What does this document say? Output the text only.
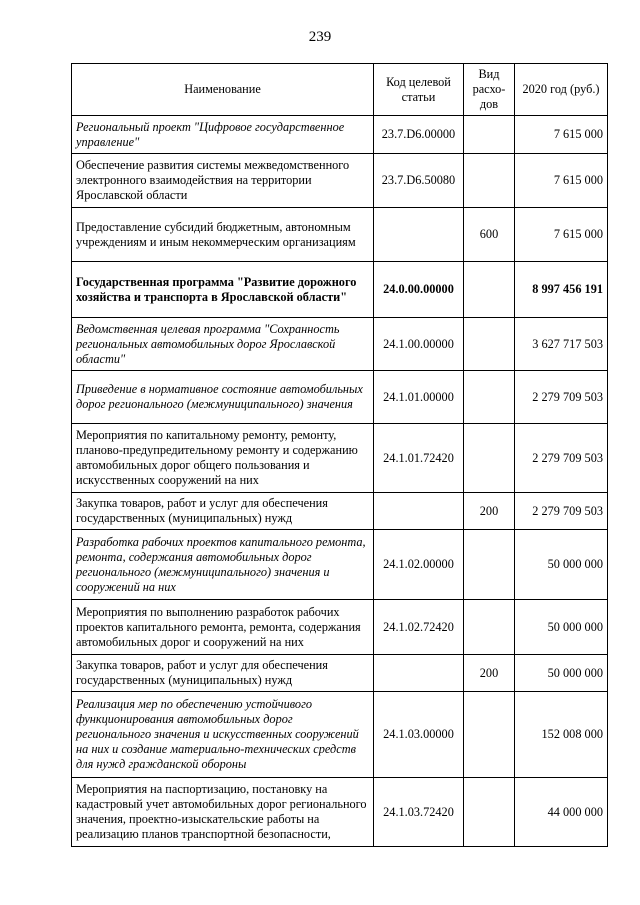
239
Наименование	Код целевой статьи	Вид расхо-дов	2020 год (руб.)
Региональный проект "Цифровое государственное управление"	23.7.D6.00000		7 615 000
Обеспечение развития системы межведомственного электронного взаимодействия на территории Ярославской области	23.7.D6.50080		7 615 000
Предоставление субсидий бюджетным, автономным учреждениям и иным некоммерческим организациям		600	7 615 000
Государственная программа "Развитие дорожного хозяйства и транспорта в Ярославской области"	24.0.00.00000		8 997 456 191
Ведомственная целевая программа "Сохранность региональных автомобильных дорог Ярославской области"	24.1.00.00000		3 627 717 503
Приведение в нормативное состояние автомобильных дорог регионального (межмуниципального) значения	24.1.01.00000		2 279 709 503
Мероприятия по капитальному ремонту, ремонту, планово-предупредительному ремонту и содержанию автомобильных дорог общего пользования и искусственных сооружений на них	24.1.01.72420		2 279 709 503
Закупка товаров, работ и услуг для обеспечения государственных (муниципальных) нужд		200	2 279 709 503
Разработка рабочих проектов капитального ремонта, ремонта, содержания автомобильных дорог регионального (межмуниципального) значения и сооружений на них	24.1.02.00000		50 000 000
Мероприятия по выполнению разработок рабочих проектов капитального ремонта, ремонта, содержания автомобильных дорог и сооружений на них	24.1.02.72420		50 000 000
Закупка товаров, работ и услуг для обеспечения государственных (муниципальных) нужд		200	50 000 000
Реализация мер по обеспечению устойчивого функционирования автомобильных дорог регионального значения и искусственных сооружений на них и создание материально-технических средств для нужд гражданской обороны	24.1.03.00000		152 008 000
Мероприятия на паспортизацию, постановку на кадастровый учет автомобильных дорог регионального значения, проектно-изыскательские работы на реализацию планов транспортной безопасности,	24.1.03.72420		44 000 000
